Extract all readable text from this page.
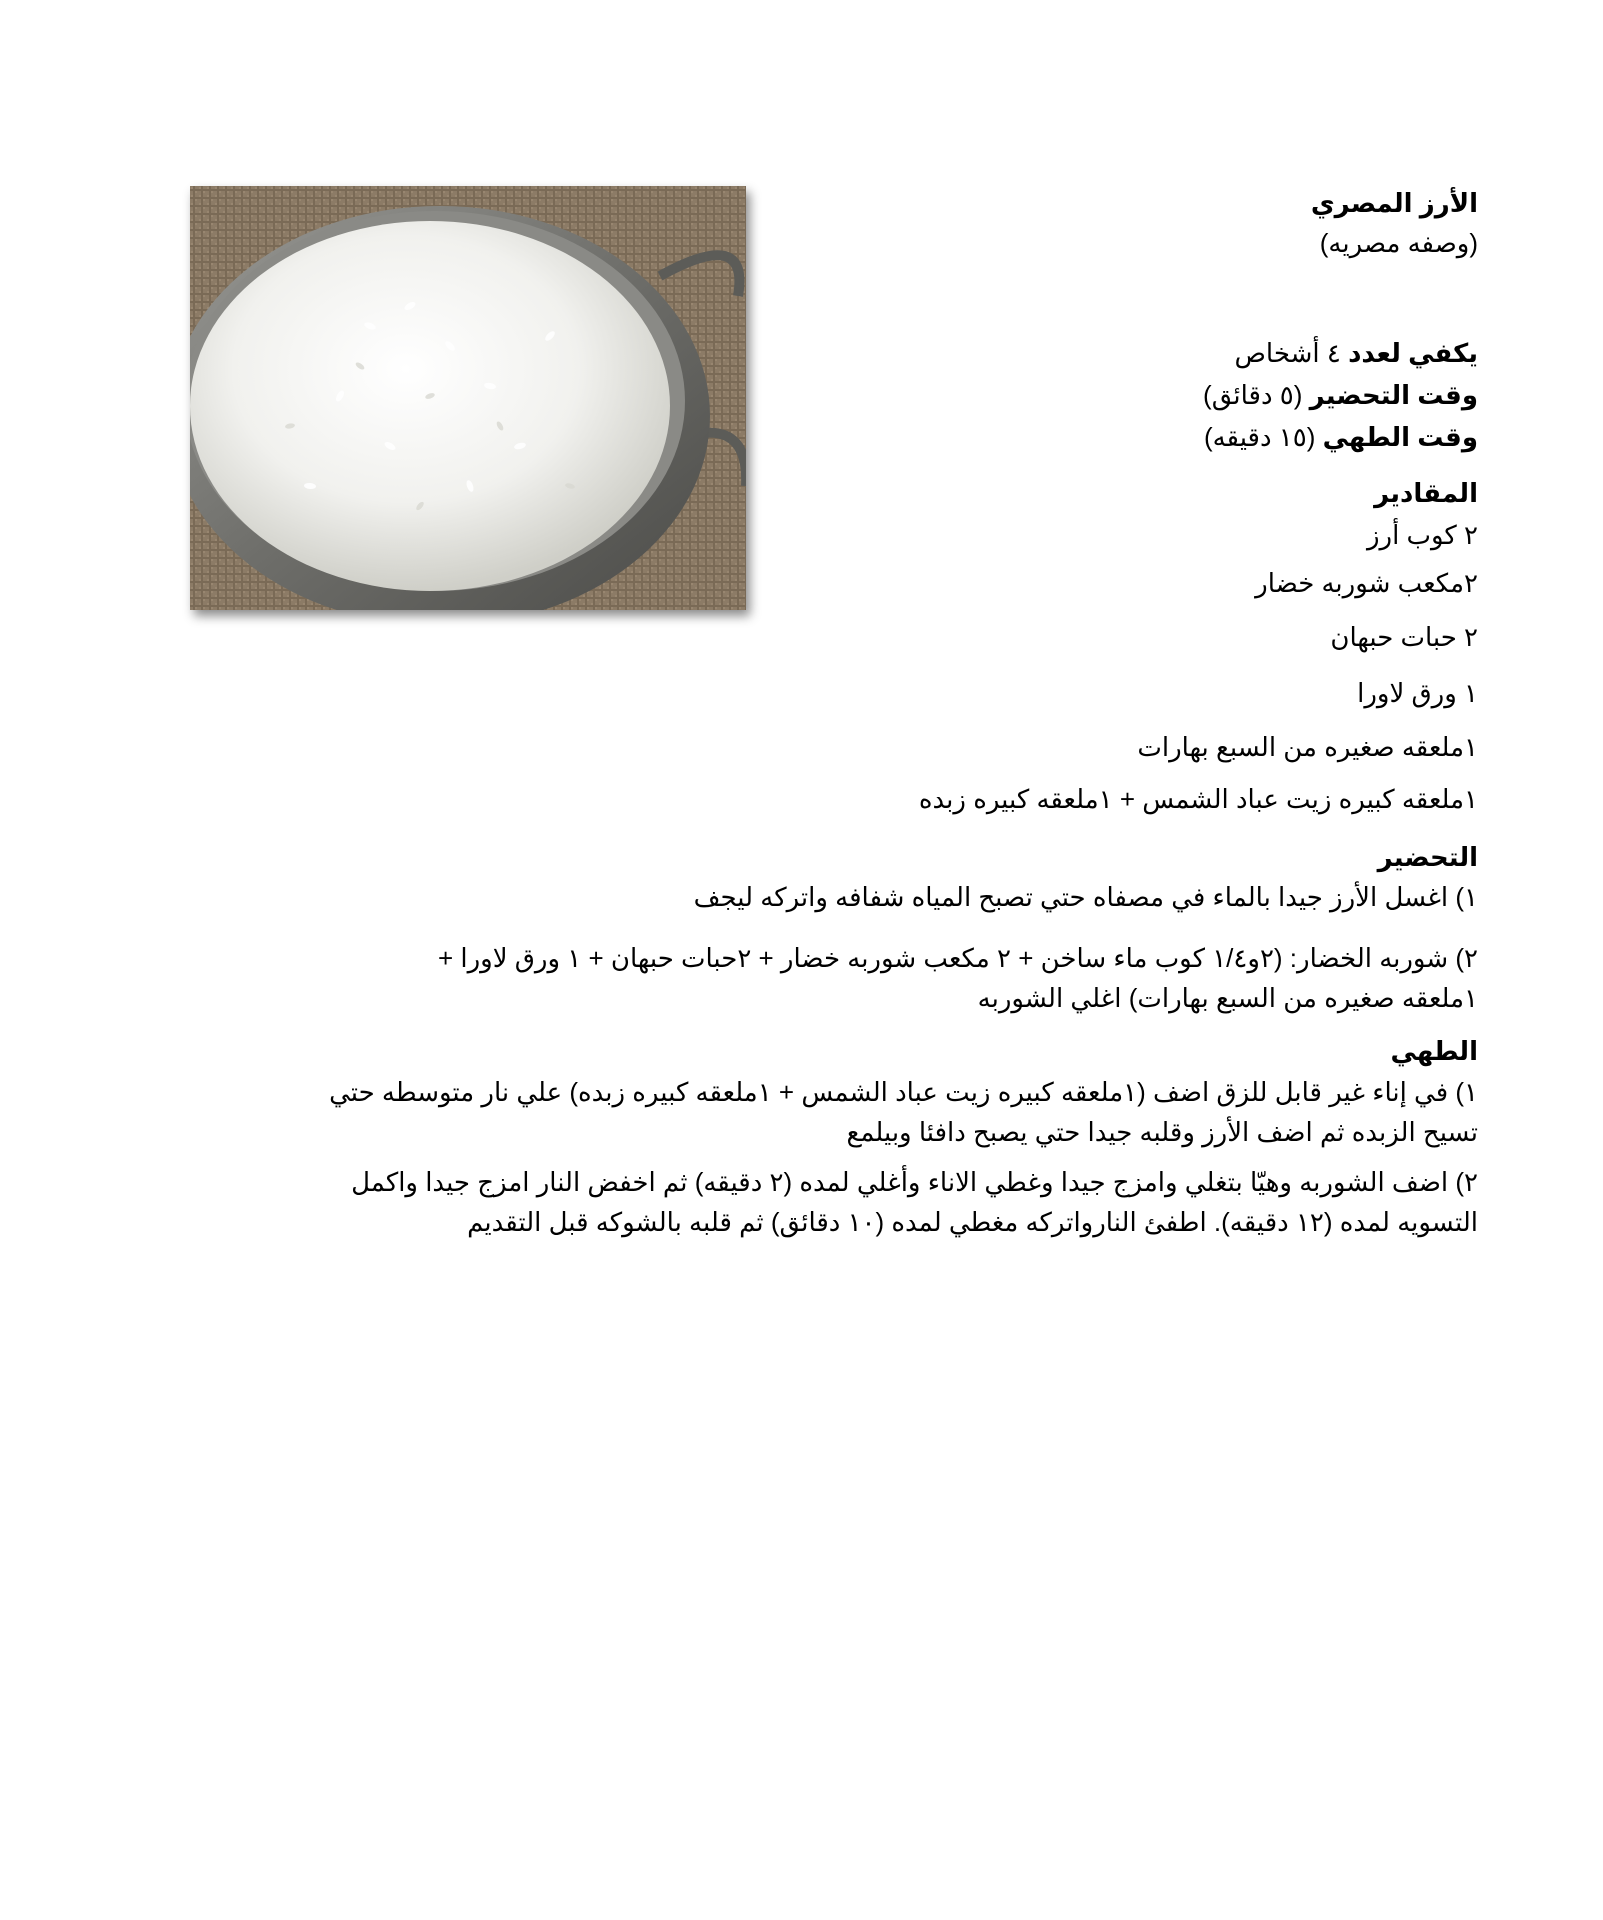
الأرز المصري
(وصفه مصريه)
يكفي لعدد ٤ أشخاص
وقت التحضير (٥ دقائق)
وقت الطهي (١٥ دقيقه)
المقادير
٢ كوب أرز
٢مكعب شوربه خضار
٢ حبات حبهان
١ ورق لاورا
١ملعقه صغيره من السبع بهارات
١ملعقه كبيره زيت عباد الشمس + ١ملعقه كبيره زبده
التحضير
١) اغسل الأرز جيدا بالماء في مصفاه حتي تصبح المياه شفافه واتركه ليجف
٢) شوربه الخضار: (٢و١/٤ كوب ماء ساخن + ٢ مكعب شوربه خضار + ٢حبات حبهان + ١ ورق لاورا +
١ملعقه صغيره من السبع بهارات) اغلي الشوربه
الطهي
١) في إناء غير قابل للزق اضف (١ملعقه كبيره زيت عباد الشمس + ١ملعقه كبيره زبده) علي نار متوسطه حتي
تسيح الزبده ثم اضف الأرز وقلبه جيدا حتي يصبح دافئا وبيلمع
٢) اضف الشوربه وهيّا بتغلي وامزج جيدا وغطي الاناء وأغلي لمده (٢ دقيقه) ثم اخفض النار امزج جيدا واكمل
التسويه لمده (١٢ دقيقه). اطفئ النارواتركه مغطي لمده (١٠ دقائق) ثم قلبه بالشوكه قبل التقديم
